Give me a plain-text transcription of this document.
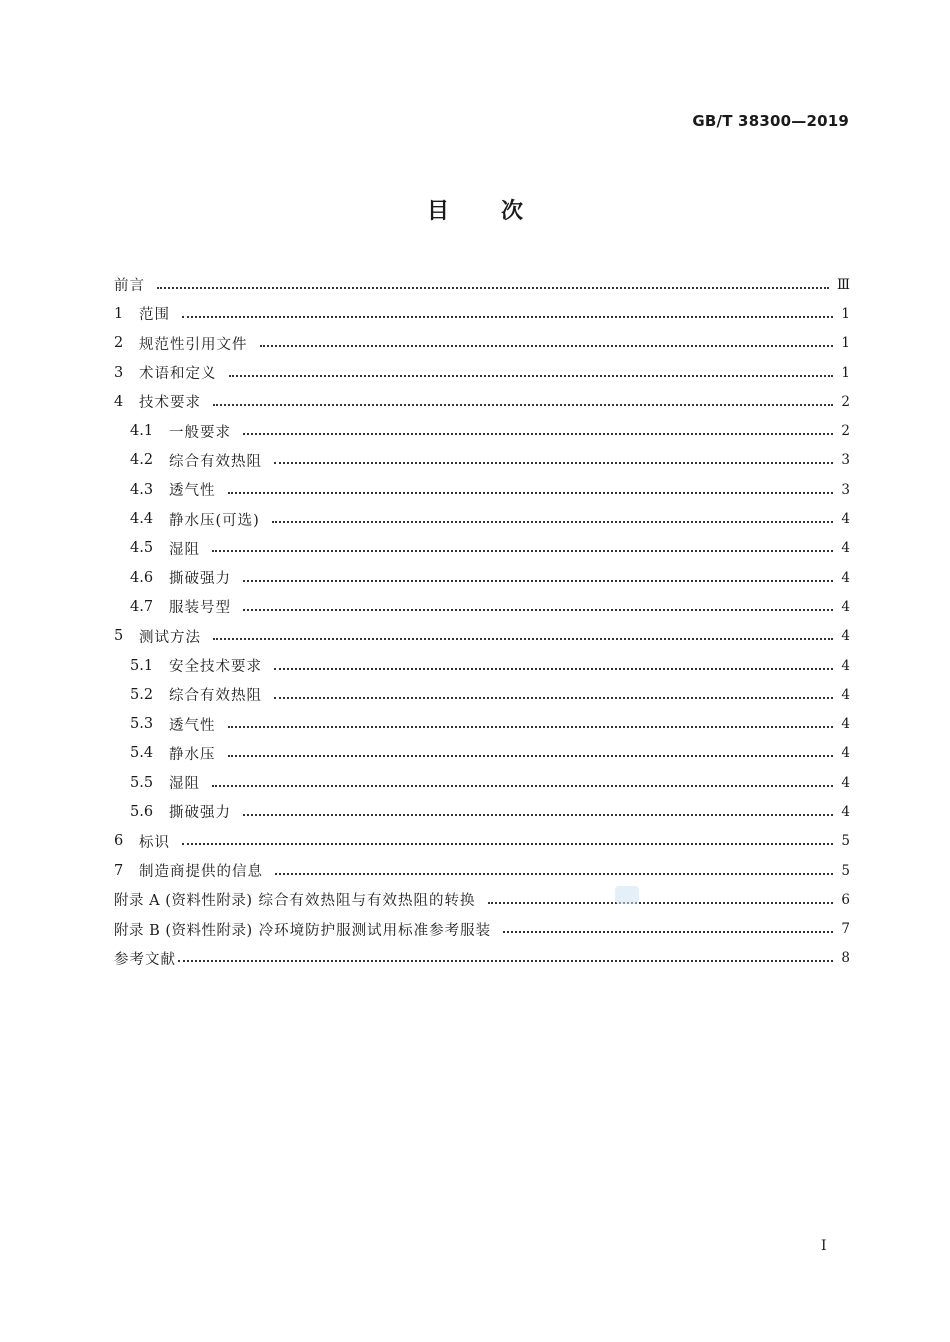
GB/T 38300—2019
目次
前言	Ⅲ
1	范围	1
2	规范性引用文件	1
3	术语和定义	1
4	技术要求	2
4.1	一般要求	2
4.2	综合有效热阻	3
4.3	透气性	3
4.4	静水压(可选)	4
4.5	湿阻	4
4.6	撕破强力	4
4.7	服装号型	4
5	测试方法	4
5.1	安全技术要求	4
5.2	综合有效热阻	4
5.3	透气性	4
5.4	静水压	4
5.5	湿阻	4
5.6	撕破强力	4
6	标识	5
7	制造商提供的信息	5
附录 A (资料性附录) 综合有效热阻与有效热阻的转换	6
附录 B (资料性附录) 冷环境防护服测试用标准参考服装	7
参考文献	8
I
